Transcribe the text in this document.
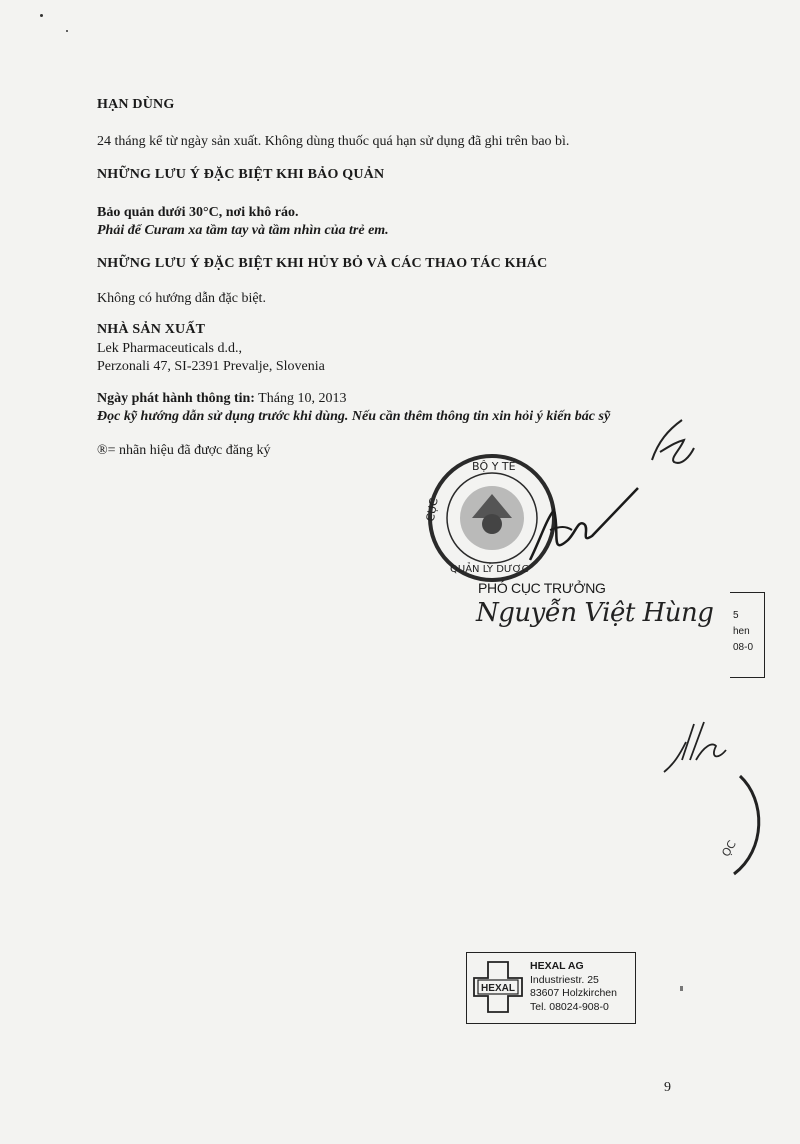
HẠN DÙNG
24 tháng kể từ ngày sản xuất. Không dùng thuốc quá hạn sử dụng đã ghi trên bao bì.
NHỮNG LƯU Ý ĐẶC BIỆT KHI BẢO QUẢN
Bảo quản dưới 30°C, nơi khô ráo.
Phải để Curam xa tầm tay và tầm nhìn của trẻ em.
NHỮNG LƯU Ý ĐẶC BIỆT KHI HỦY BỎ VÀ CÁC THAO TÁC KHÁC
Không có hướng dẫn đặc biệt.
NHÀ SẢN XUẤT
Lek Pharmaceuticals d.d.,
Perzonali 47, SI-2391 Prevalje, Slovenia
Ngày phát hành thông tin: Tháng 10, 2013
Đọc kỹ hướng dẫn sử dụng trước khi dùng. Nếu cần thêm thông tin xin hỏi ý kiến bác sỹ
®= nhãn hiệu đã được đăng ký
BỘ Y TẾ
CỤC
QUẢN LÝ DƯỢC
PHÓ CỤC TRƯỞNG
Nguyễn Việt Hùng 5
hen
08-0
ỌC
HEXAL
HEXAL AG
Industriestr. 25
83607 Holzkirchen
Tel. 08024-908-0
9
